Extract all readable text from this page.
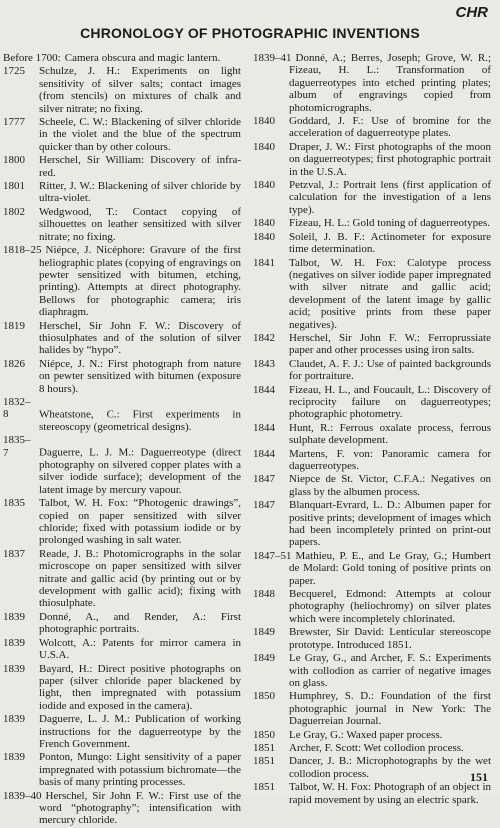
CHR
CHRONOLOGY OF PHOTOGRAPHIC INVENTIONS

Before 1700: Camera obscura and magic lantern.

1725 Schulze, J. H.: Experiments on light sensitivity of silver salts; contact images (from stencils) on mixtures of chalk and silver nitrate; no fixing.

1777 Scheele, C. W.: Blackening of silver chloride in the violet and the blue of the spectrum quicker than by other colours.

1800 Herschel, Sir William: Discovery of infra-red.

1801 Ritter, J. W.: Blackening of silver chloride by ultra-violet.

1802 Wedgwood, T.: Contact copying of silhouettes on leather sensitized with silver nitrate; no fixing.

1818–25 Niépce, J. Nicéphore: Gravure of the first heliographic plates (copying of engravings on pewter sensitized with bitumen, etching, printing). Attempts at direct photography. Bellows for photographic camera; iris diaphragm.

1819 Herschel, Sir John F. W.: Discovery of thiosulphates and of the solution of silver halides by “hypo”.

1826 Niépce, J. N.: First photograph from nature on pewter sensitized with bitumen (exposure 8 hours).

1832–8	Wheatstone, C.: First experiments in stereoscopy (geometrical designs).

1835–7	Daguerre, L. J. M.: Daguerreotype (direct photography on silvered copper plates with a silver iodide surface); development of the latent image by mercury vapour.

1835 Talbot, W. H. Fox: “Photogenic drawings”, copied on paper sensitized with silver chloride; fixed with potassium iodide or by prolonged washing in salt water.

1837 Reade, J. B.: Photomicrographs in the solar microscope on paper sensitized with silver nitrate and gallic acid (by printing out or by development with gallic acid); fixing with thiosulphate.

1839 Donné, A., and Render, A.: First photographic portraits.

1839 Wolcott, A.: Patents for mirror camera in U.S.A.

1839 Bayard, H.: Direct positive photographs on paper (silver chloride paper blackened by light, then impregnated with potassium iodide and exposed in the camera).

1839 Daguerre, L. J. M.: Publication of working instructions for the daguerreotype by the French Government.

1839 Ponton, Mungo: Light sensitivity of a paper impregnated with potassium bichromate—the basis of many printing processes.

1839–40 Herschel, Sir John F. W.: First use of the word “photography”; intensification with mercury chloride.

1839–41 Donné, A.; Berres, Joseph; Grove, W. R.; Fizeau, H. L.: Transformation of daguerreotypes into etched printing plates; album of engravings copied from photomicrographs.

1840 Goddard, J. F.: Use of bromine for the acceleration of daguerreotype plates.

1840 Draper, J. W.: First photographs of the moon on daguerreotypes; first photographic portrait in the U.S.A.

1840 Petzval, J.: Portrait lens (first application of calculation for the investigation of a lens type).

1840 Fizeau, H. L.: Gold toning of daguerreotypes.

1840 Soleil, J. B. F.: Actinometer for exposure time determination.

1841 Talbot, W. H. Fox: Calotype process (negatives on silver iodide paper impregnated with silver nitrate and gallic acid; development of the latent image by gallic acid; positive prints from these paper negatives).

1842 Herschel, Sir John F. W.: Ferroprussiate paper and other processes using iron salts.

1843 Claudet, A. F. J.: Use of painted backgrounds for portraiture.

1844 Fizeau, H. L., and Foucault, L.: Discovery of reciprocity failure on daguerreotypes; photographic photometry.

1844 Hunt, R.: Ferrous oxalate process, ferrous sulphate development.

1844 Martens, F. von: Panoramic camera for daguerreotypes.

1847 Niepce de St. Victor, C.F.A.: Negatives on glass by the albumen process.

1847 Blanquart-Evrard, L. D.: Albumen paper for positive prints; development of images which had been incompletely printed on print-out papers.

1847–51 Mathieu, P. E., and Le Gray, G.; Humbert de Molard: Gold toning of positive prints on paper.

1848 Becquerel, Edmond: Attempts at colour photography (heliochromy) on silver plates which were incompletely chlorinated.

1849 Brewster, Sir David: Lenticular stereoscope prototype. Introduced 1851.

1849 Le Gray, G., and Archer, F. S.: Experiments with collodion as carrier of negative images on glass.

1850 Humphrey, S. D.: Foundation of the first photographic journal in New York: The Daguerreian Journal.

1850 Le Gray, G.: Waxed paper process.

1851 Archer, F. Scott: Wet collodion process.

1851 Dancer, J. B.: Microphotographs by the wet collodion process.

1851 Talbot, W. H. Fox: Photograph of an object in rapid movement by using an electric spark.

151
